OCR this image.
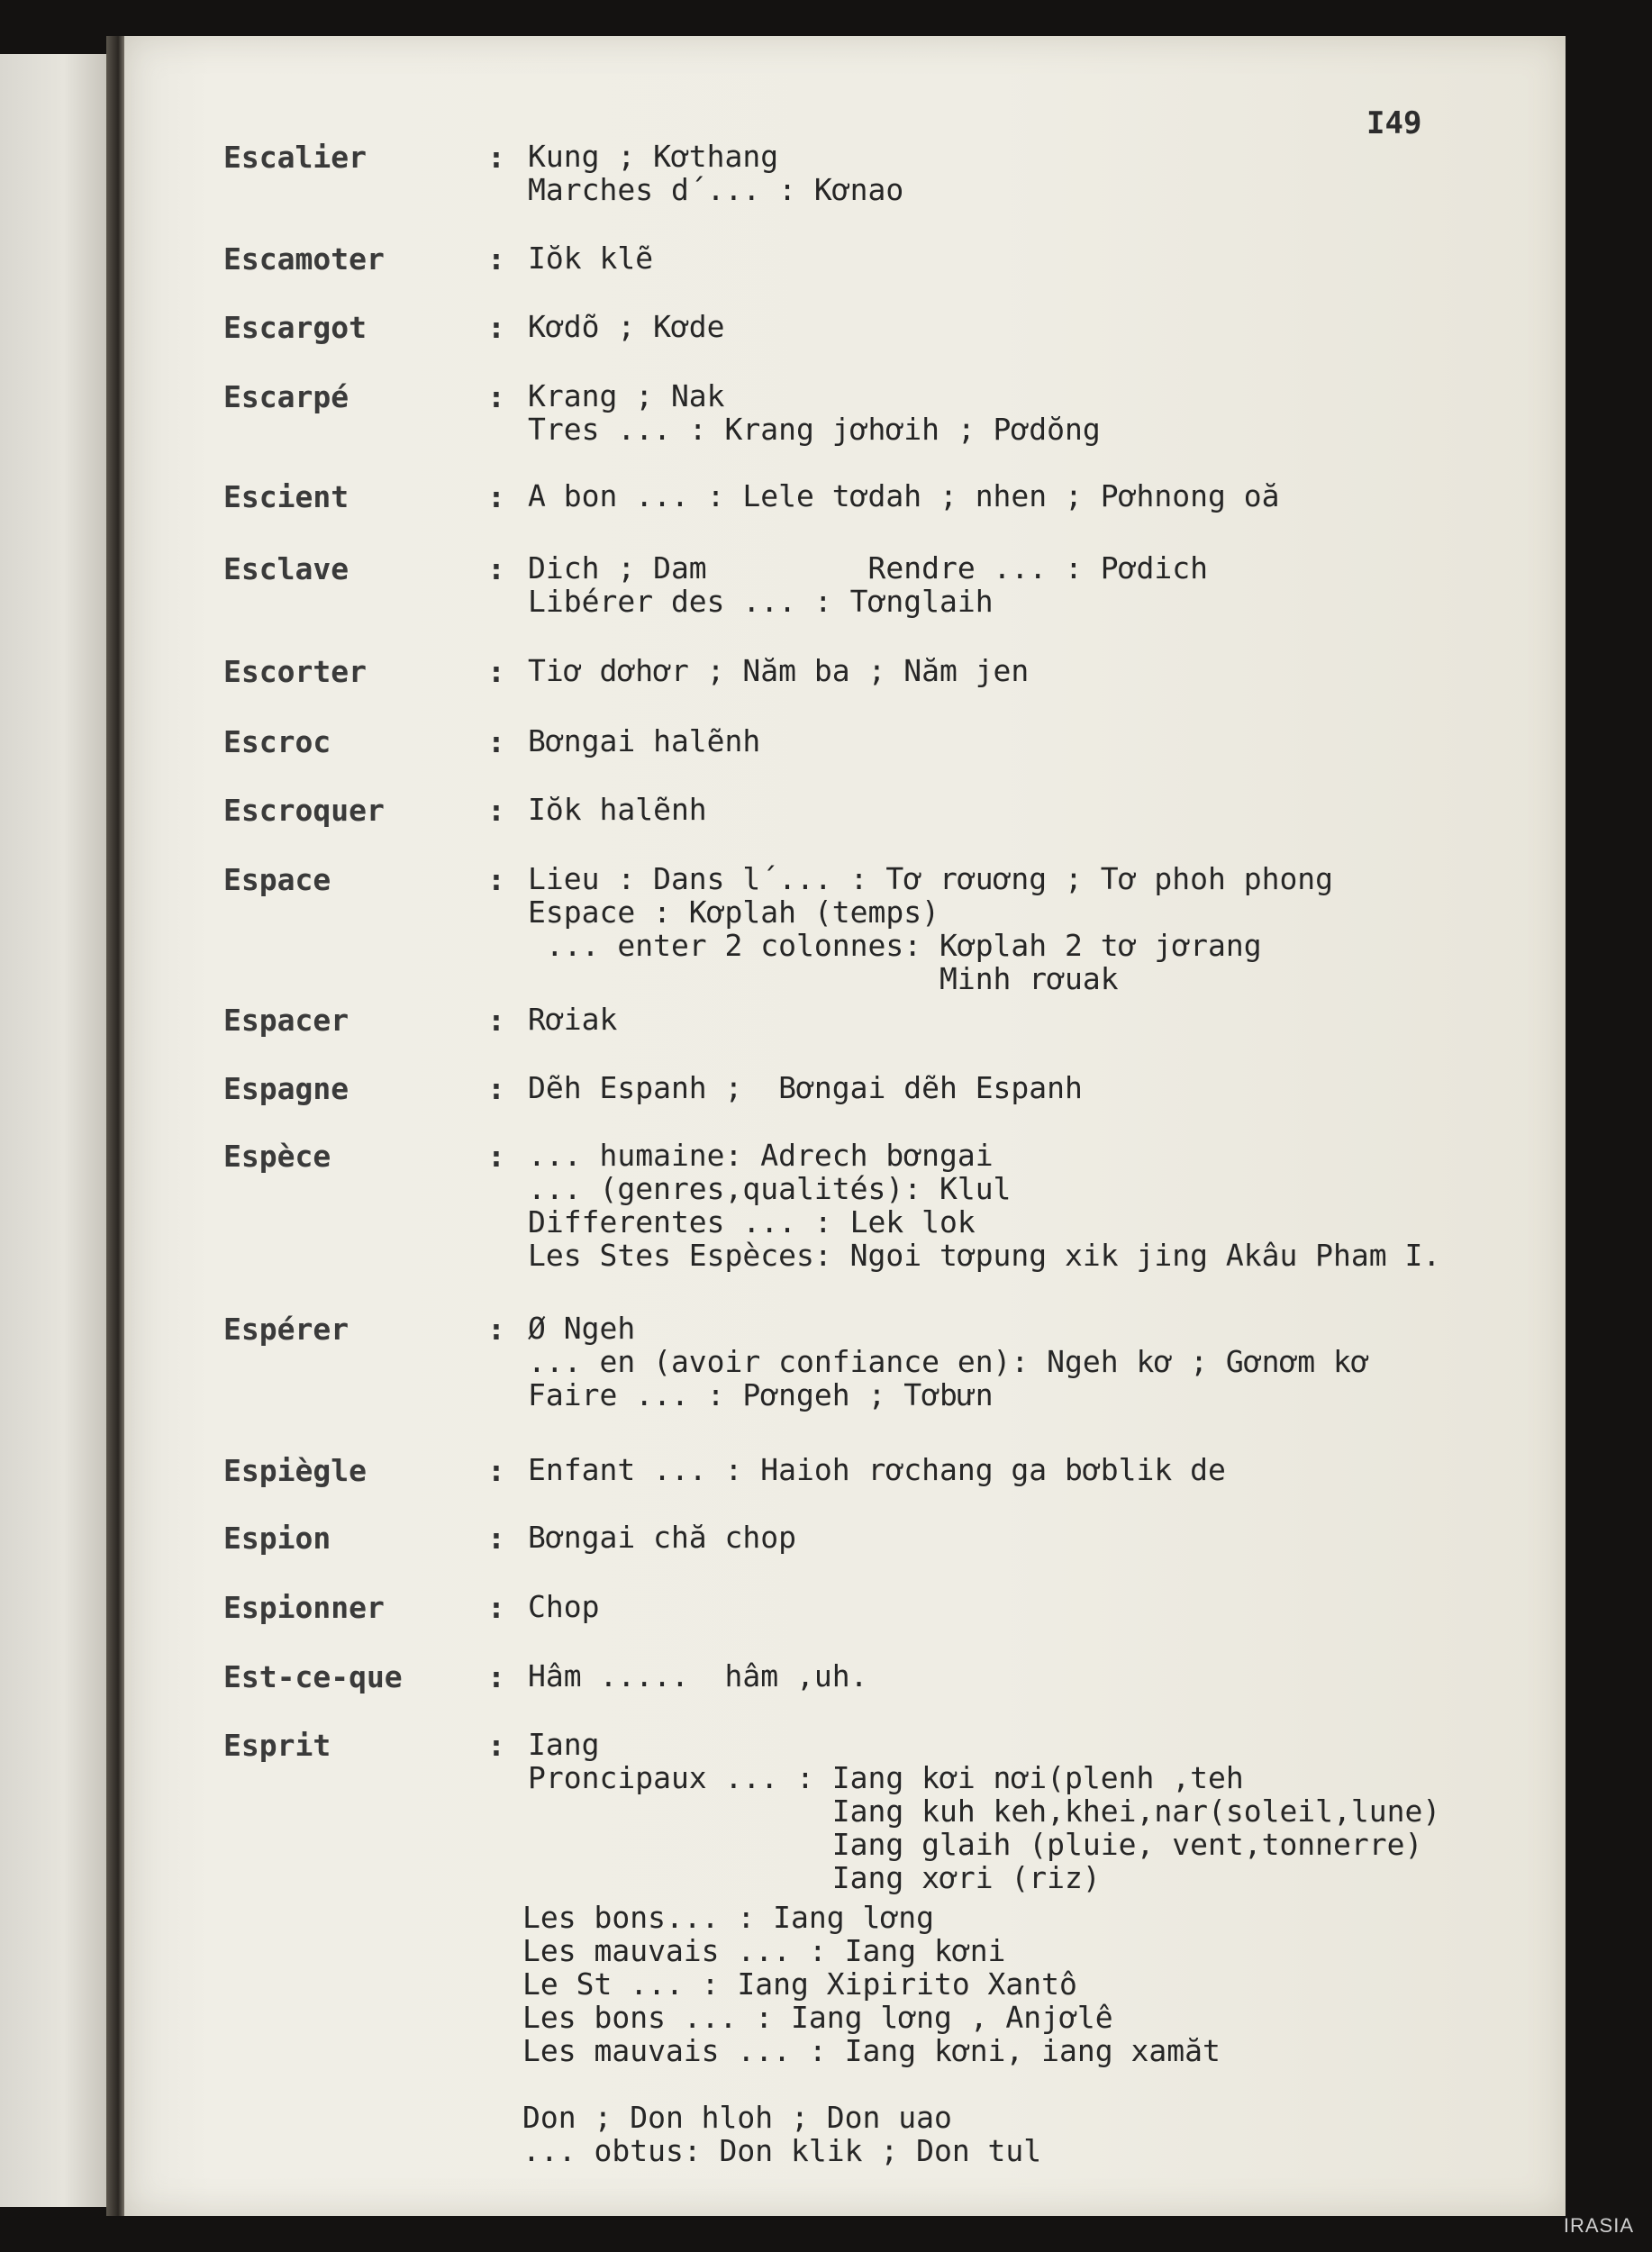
I49
Escalier	: Kung ; Kơthang
Marches d´... : Kơnao
Escamoter	: Iŏk klẽ
Escargot	: Kơdõ ; Kơde
Escarpé	: Krang ; Nak
Tres ... : Krang jơhơih ; Pơdŏng
Escient	: A bon ... : Lele tơdah ; nhen ; Pơhnong oă
Esclave	: Dich ; Dam         Rendre ... : Pơdich
Libérer des ... : Tơnglaih
Escorter	: Tiơ dơhơr ; Năm ba ; Năm jen
Escroc	: Bơngai halẽnh
Escroquer	: Iŏk halẽnh
Espace	: Lieu : Dans l´... : Tơ rơuơng ; Tơ phoh phong
Espace : Kơplah (temps)
... enter 2 colonnes: Kơplah 2 tơ jơrang
Minh rơuak
Espacer	: Rơiak
Espagne	: Dẽh Espanh ;  Bơngai dẽh Espanh
Espèce	: ... humaine: Adrech bơngai
... (genres,qualités): Klul
Differentes ... : Lek lok
Les Stes Espèces: Ngoi tơpung xik jing Akâu Pham I.
Espérer	: Ø Ngeh
... en (avoir confiance en): Ngeh kơ ; Gơnơm kơ
Faire ... : Pơngeh ; Tơbưn
Espiègle	: Enfant ... : Haioh rơchang ga bơblik de
Espion	: Bơngai chă chop
Espionner	: Chop
Est-ce-que	: Hâm .....  hâm ,uh.
Esprit	: Iang
Proncipaux ... : Iang kơi nơi(plenh ,teh
Iang kuh keh,khei,nar(soleil,lune)
Iang glaih (pluie, vent,tonnerre)
Iang xơri (riz)
Les bons... : Iang lơng
Les mauvais ... : Iang kơni
Le St ... : Iang Xipirito Xantô
Les bons ... : Iang lơng , Anjơlê
Les mauvais ... : Iang kơni, iang xamăt
Don ; Don hloh ; Don uao
... obtus: Don klik ; Don tul
IRASIA
